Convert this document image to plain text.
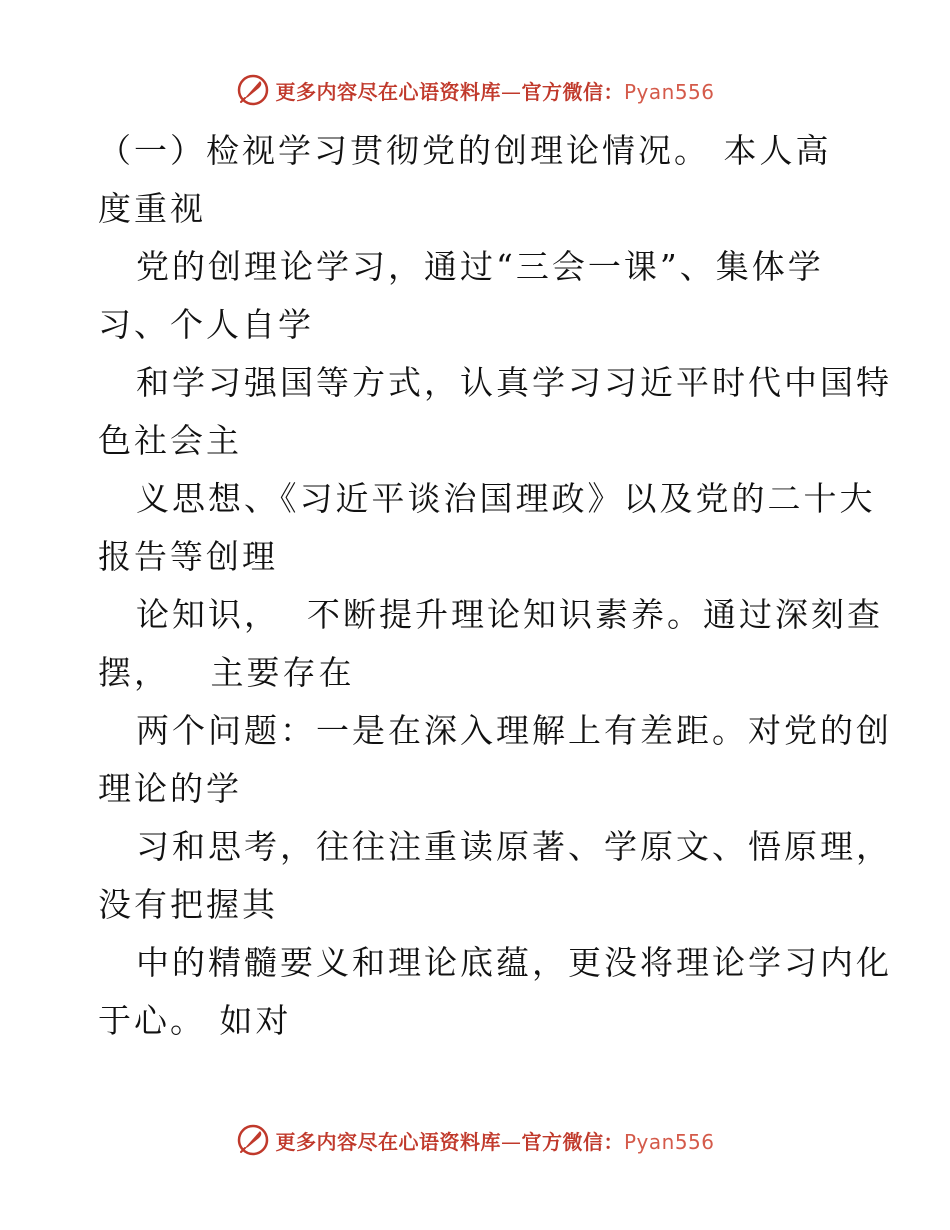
更多内容尽在心语资料库—官方微信：Pyan556
（一）检视学习贯彻党的创理论情况。 本人高
度重视
党的创理论学习，通过“三会一课”、集体学
习、个人自学
和学习强国等方式，认真学习习近平时代中国特
色社会主
义思想、《习近平谈治国理政》以及党的二十大
报告等创理
论知识，  不断提升理论知识素养。通过深刻查
摆，   主要存在
两个问题：一是在深入理解上有差距。对党的创
理论的学
习和思考，往往注重读原著、学原文、悟原理，
没有把握其
中的精髓要义和理论底蕴，更没将理论学习内化
于心。 如对
更多内容尽在心语资料库—官方微信：Pyan556
